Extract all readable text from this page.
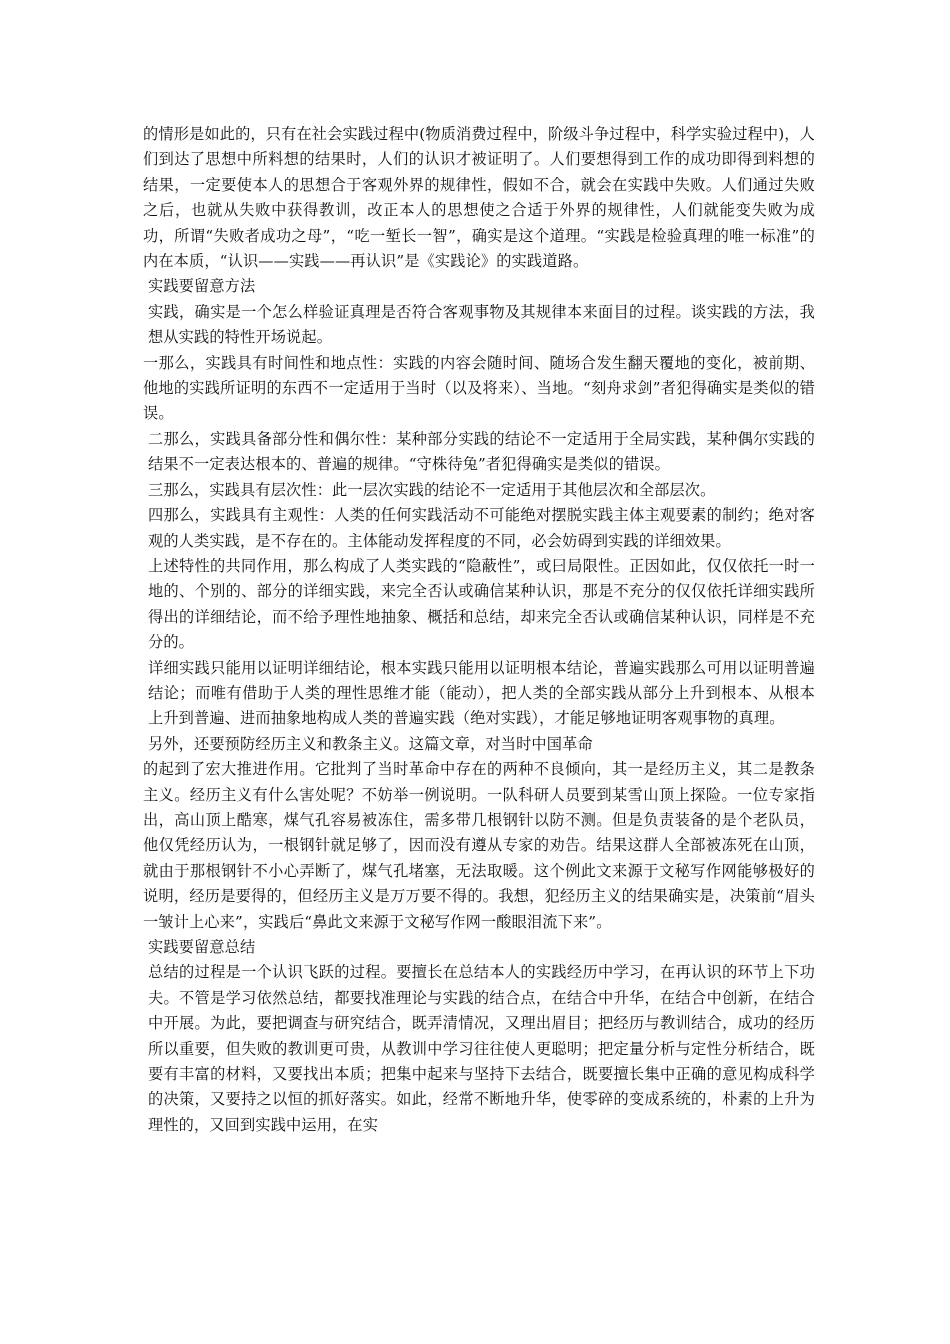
的情形是如此的，只有在社会实践过程中(物质消费过程中，阶级斗争过程中，科学实验过程中)，人们到达了思想中所料想的结果时，人们的认识才被证明了。人们要想得到工作的成功即得到料想的结果，一定要使本人的思想合于客观外界的规律性，假如不合，就会在实践中失败。人们通过失败之后，也就从失败中获得教训，改正本人的思想使之合适于外界的规律性，人们就能变失败为成功，所谓“失败者成功之母”，“吃一堑长一智”，确实是这个道理。“实践是检验真理的唯一标准”的内在本质，“认识——实践——再认识”是《实践论》的实践道路。

实践要留意方法

实践，确实是一个怎么样验证真理是否符合客观事物及其规律本来面目的过程。谈实践的方法，我想从实践的特性开场说起。

一那么，实践具有时间性和地点性：实践的内容会随时间、随场合发生翻天覆地的变化，被前期、他地的实践所证明的东西不一定适用于当时（以及将来）、当地。“刻舟求剑”者犯得确实是类似的错误。

二那么，实践具备部分性和偶尔性：某种部分实践的结论不一定适用于全局实践，某种偶尔实践的结果不一定表达根本的、普遍的规律。“守株待兔”者犯得确实是类似的错误。

三那么，实践具有层次性：此一层次实践的结论不一定适用于其他层次和全部层次。

四那么，实践具有主观性：人类的任何实践活动不可能绝对摆脱实践主体主观要素的制约；绝对客观的人类实践，是不存在的。主体能动发挥程度的不同，必会妨碍到实践的详细效果。

上述特性的共同作用，那么构成了人类实践的“隐蔽性”，或曰局限性。正因如此，仅仅依托一时一地的、个别的、部分的详细实践，来完全否认或确信某种认识，那是不充分的仅仅依托详细实践所得出的详细结论，而不给予理性地抽象、概括和总结，却来完全否认或确信某种认识，同样是不充分的。

详细实践只能用以证明详细结论，根本实践只能用以证明根本结论，普遍实践那么可用以证明普遍结论；而唯有借助于人类的理性思维才能（能动），把人类的全部实践从部分上升到根本、从根本上升到普遍、进而抽象地构成人类的普遍实践（绝对实践），才能足够地证明客观事物的真理。

另外，还要预防经历主义和教条主义。这篇文章，对当时中国革命

的起到了宏大推进作用。它批判了当时革命中存在的两种不良倾向，其一是经历主义，其二是教条主义。经历主义有什么害处呢？不妨举一例说明。一队科研人员要到某雪山顶上探险。一位专家指出，高山顶上酷寒，煤气孔容易被冻住，需多带几根钢针以防不测。但是负责装备的是个老队员，他仅凭经历认为，一根钢针就足够了，因而没有遵从专家的劝告。结果这群人全部被冻死在山顶，就由于那根钢针不小心弄断了，煤气孔堵塞，无法取暖。这个例此文来源于文秘写作网能够极好的说明，经历是要得的，但经历主义是万万要不得的。我想，犯经历主义的结果确实是，决策前“眉头一皱计上心来”，实践后“鼻此文来源于文秘写作网一酸眼泪流下来”。

实践要留意总结

总结的过程是一个认识飞跃的过程。要擅长在总结本人的实践经历中学习，在再认识的环节上下功夫。不管是学习依然总结，都要找准理论与实践的结合点，在结合中升华，在结合中创新，在结合中开展。为此，要把调查与研究结合，既弄清情况，又理出眉目；把经历与教训结合，成功的经历所以重要，但失败的教训更可贵，从教训中学习往往使人更聪明；把定量分析与定性分析结合，既要有丰富的材料，又要找出本质；把集中起来与坚持下去结合，既要擅长集中正确的意见构成科学的决策，又要持之以恒的抓好落实。如此，经常不断地升华，使零碎的变成系统的，朴素的上升为理性的，又回到实践中运用，在实
